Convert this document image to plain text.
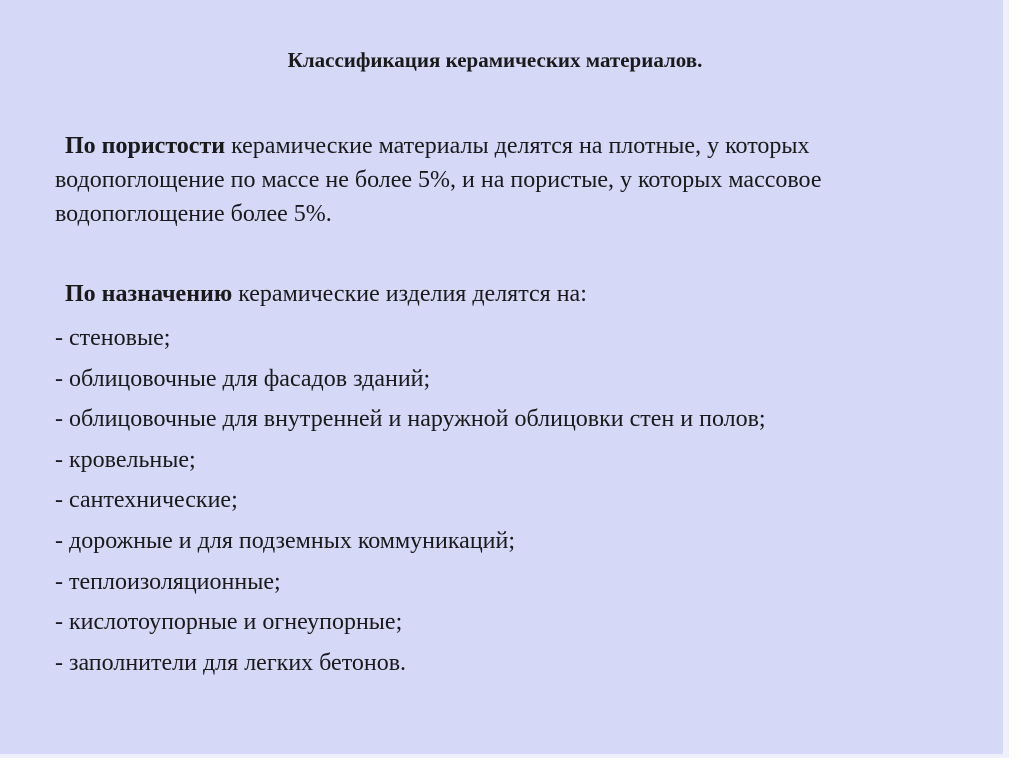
Классификация керамических материалов.
По пористости керамические материалы делятся на плотные, у которых
водопоглощение по массе не более 5%, и на пористые, у которых массовое
водопоглощение более 5%.
По назначению керамические изделия делятся на:
- стеновые;
- облицовочные для фасадов зданий;
- облицовочные для внутренней и наружной облицовки стен и полов;
- кровельные;
- сантехнические;
- дорожные и для подземных коммуникаций;
- теплоизоляционные;
- кислотоупорные и огнеупорные;
- заполнители для легких бетонов.
